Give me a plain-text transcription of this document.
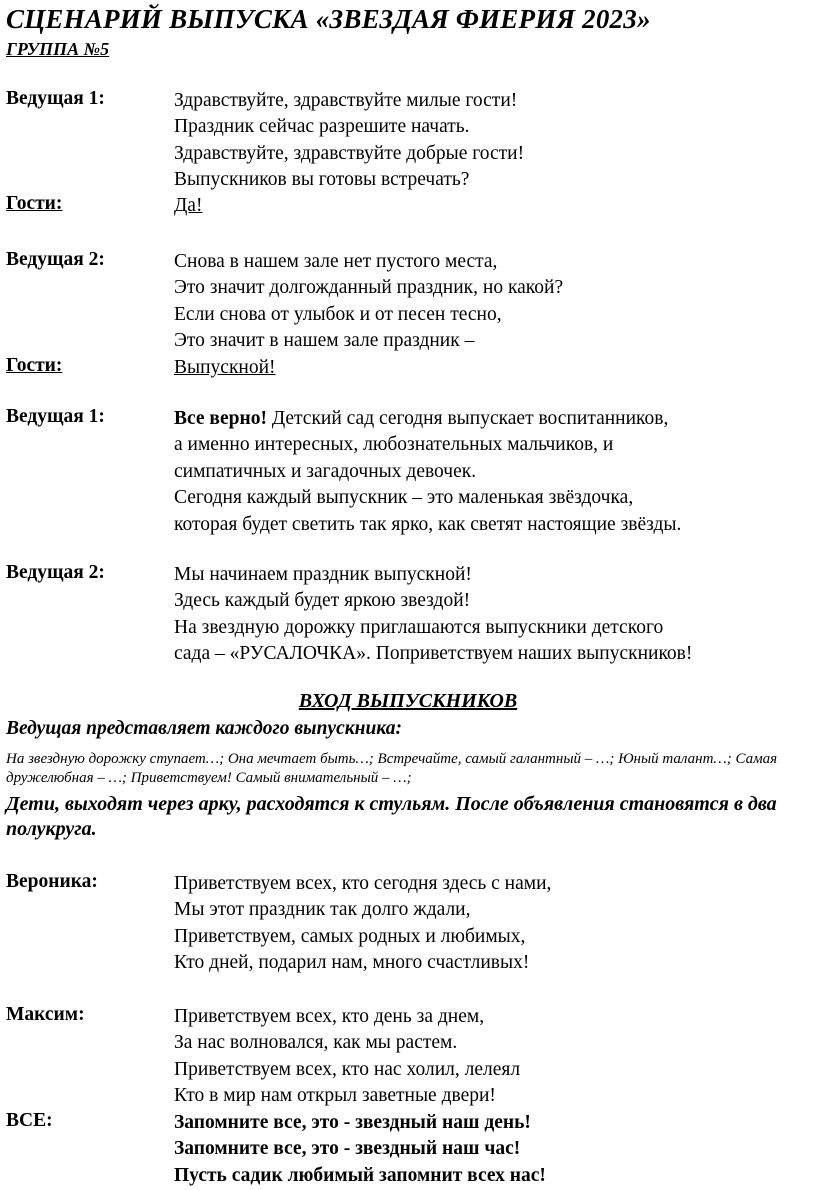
СЦЕНАРИЙ ВЫПУСКА «ЗВЕЗДАЯ ФИЕРИЯ 2023»
ГРУППА №5
Ведущая 1:	Здравствуйте, здравствуйте милые гости!
Праздник сейчас разрешите начать.
Здравствуйте, здравствуйте добрые гости!
Выпускников вы готовы встречать?
Гости:	Да!
Ведущая 2:	Снова в нашем зале нет пустого места,
Это значит долгожданный праздник, но какой?
Если снова от улыбок и от песен тесно,
Это значит в нашем зале праздник –
Гости:	Выпускной!
Ведущая 1:	Все верно! Детский сад сегодня выпускает воспитанников,
а именно интересных, любознательных мальчиков, и
симпатичных и загадочных девочек.
Сегодня каждый выпускник – это маленькая звёздочка,
которая будет светить так ярко, как светят настоящие звёзды.
Ведущая 2:	Мы начинаем праздник выпускной!
Здесь каждый будет яркою звездой!
На звездную дорожку приглашаются выпускники детского
сада – «РУСАЛОЧКА». Поприветствуем наших выпускников!
ВХОД ВЫПУСКНИКОВ
Ведущая представляет каждого выпускника:
На звездную дорожку ступает…; Она мечтает быть…; Встречайте, самый галантный – …; Юный талант…; Самая дружелюбная – …; Приветствуем! Самый внимательный – …;
Дети, выходят через арку, расходятся к стульям. После объявления становятся в два полукруга.
Вероника:	Приветствуем всех, кто сегодня здесь с нами,
Мы этот праздник так долго ждали,
Приветствуем, самых родных и любимых,
Кто дней, подарил нам, много счастливых!
Максим:	Приветствуем всех, кто день за днем,
За нас волновался, как мы растем.
Приветствуем всех, кто нас холил, лелеял
Кто в мир нам открыл заветные двери!
ВСЕ:	Запомните все, это - звездный наш день!
Запомните все, это - звездный наш час!
Пусть садик любимый запомнит всех нас!
